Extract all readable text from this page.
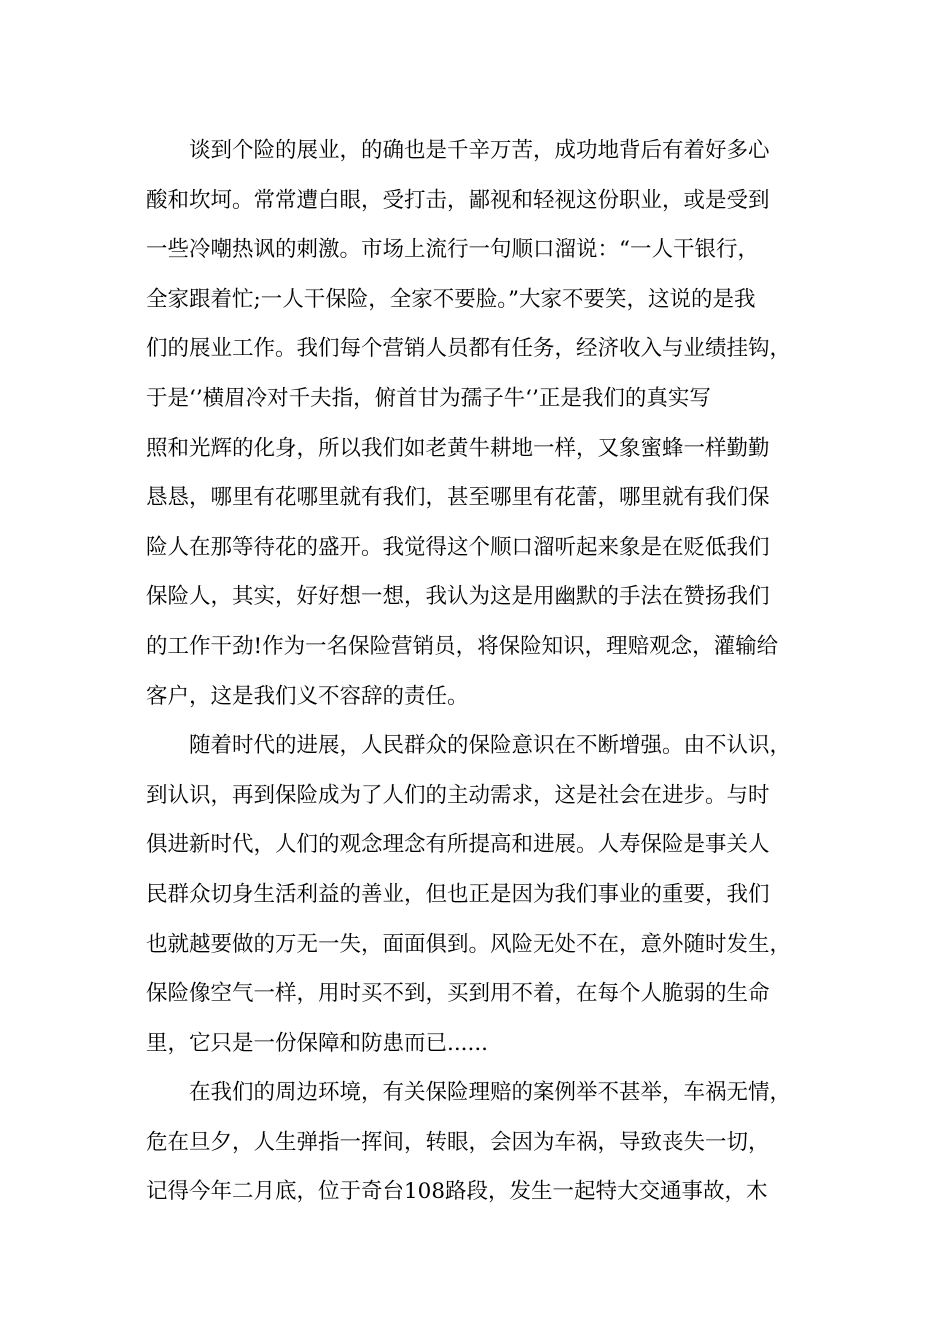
谈到个险的展业，的确也是千辛万苦，成功地背后有着好多心
酸和坎坷。常常遭白眼，受打击，鄙视和轻视这份职业，或是受到
一些冷嘲热讽的刺激。市场上流行一句顺口溜说：“一人干银行，
全家跟着忙;一人干保险，全家不要脸。”大家不要笑，这说的是我
们的展业工作。我们每个营销人员都有任务，经济收入与业绩挂钩，
于是‘’横眉冷对千夫指，俯首甘为孺子牛‘’正是我们的真实写
照和光辉的化身，所以我们如老黄牛耕地一样，又象蜜蜂一样勤勤
恳恳，哪里有花哪里就有我们，甚至哪里有花蕾，哪里就有我们保
险人在那等待花的盛开。我觉得这个顺口溜听起来象是在贬低我们
保险人，其实，好好想一想，我认为这是用幽默的手法在赞扬我们
的工作干劲!作为一名保险营销员，将保险知识，理赔观念，灌输给
客户，这是我们义不容辞的责任。
随着时代的进展，人民群众的保险意识在不断增强。由不认识，
到认识，再到保险成为了人们的主动需求，这是社会在进步。与时
俱进新时代，人们的观念理念有所提高和进展。人寿保险是事关人
民群众切身生活利益的善业，但也正是因为我们事业的重要，我们
也就越要做的万无一失，面面俱到。风险无处不在，意外随时发生，
保险像空气一样，用时买不到，买到用不着，在每个人脆弱的生命
里，它只是一份保障和防患而已......
在我们的周边环境，有关保险理赔的案例举不甚举，车祸无情，
危在旦夕，人生弹指一挥间，转眼，会因为车祸，导致丧失一切，
记得今年二月底，位于奇台108路段，发生一起特大交通事故，木
